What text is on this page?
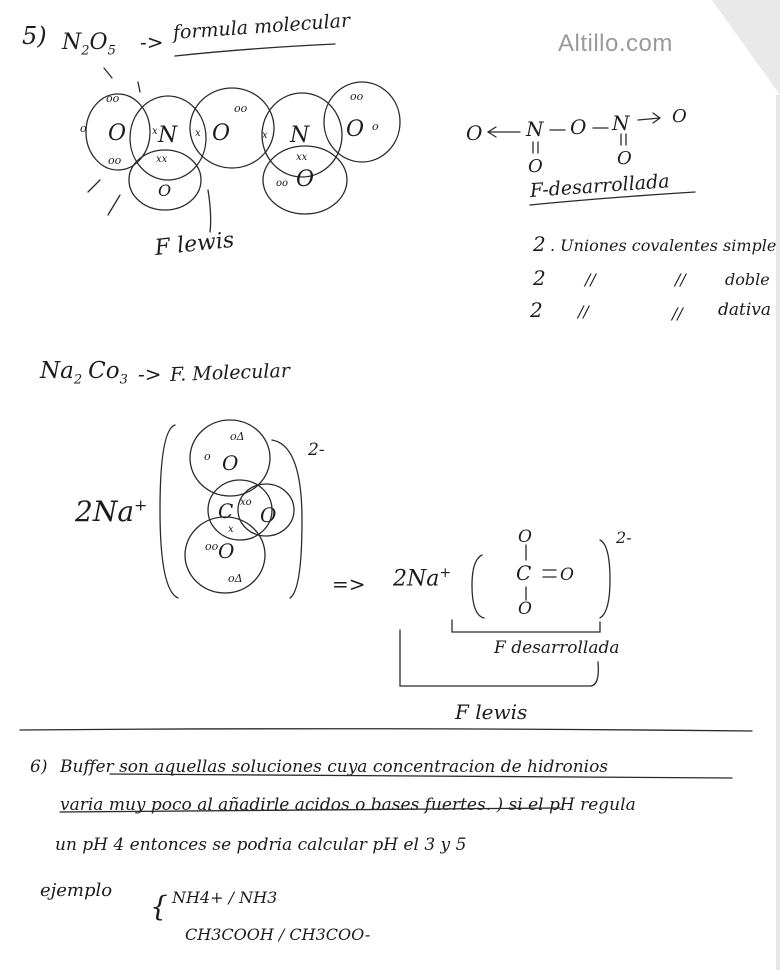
Altillo.com
5) $N_2O_5$ -> formula molecular
F lewis
F-desarrollada
2 . Uniones covalentes simple
2 //	// doble
2 //	// dativa
$Na_2$ $Co_3 -> F$. Molecular
2Na+
2-
=> 2Na+
2-
F desarrollada
F lewis
6) Buffer son aquellas soluciones cuya concentracion de hidronios
varia muy poco al añadirle acidos o bases fuertes. ) si el pH regula
un pH 4 entonces se podria calcular pH el 3 y 5
ejemplo { NH4+ / NH3
CH3COOH / CH3COO-
O N O	N O
O	O
x	x	x
xx	xx
oo
o
oo
o
oo
oo
oo
O N O N O
O	O
O
C O
O
oΔ
oΔ
o
xo
x
oo	O
C O
O
